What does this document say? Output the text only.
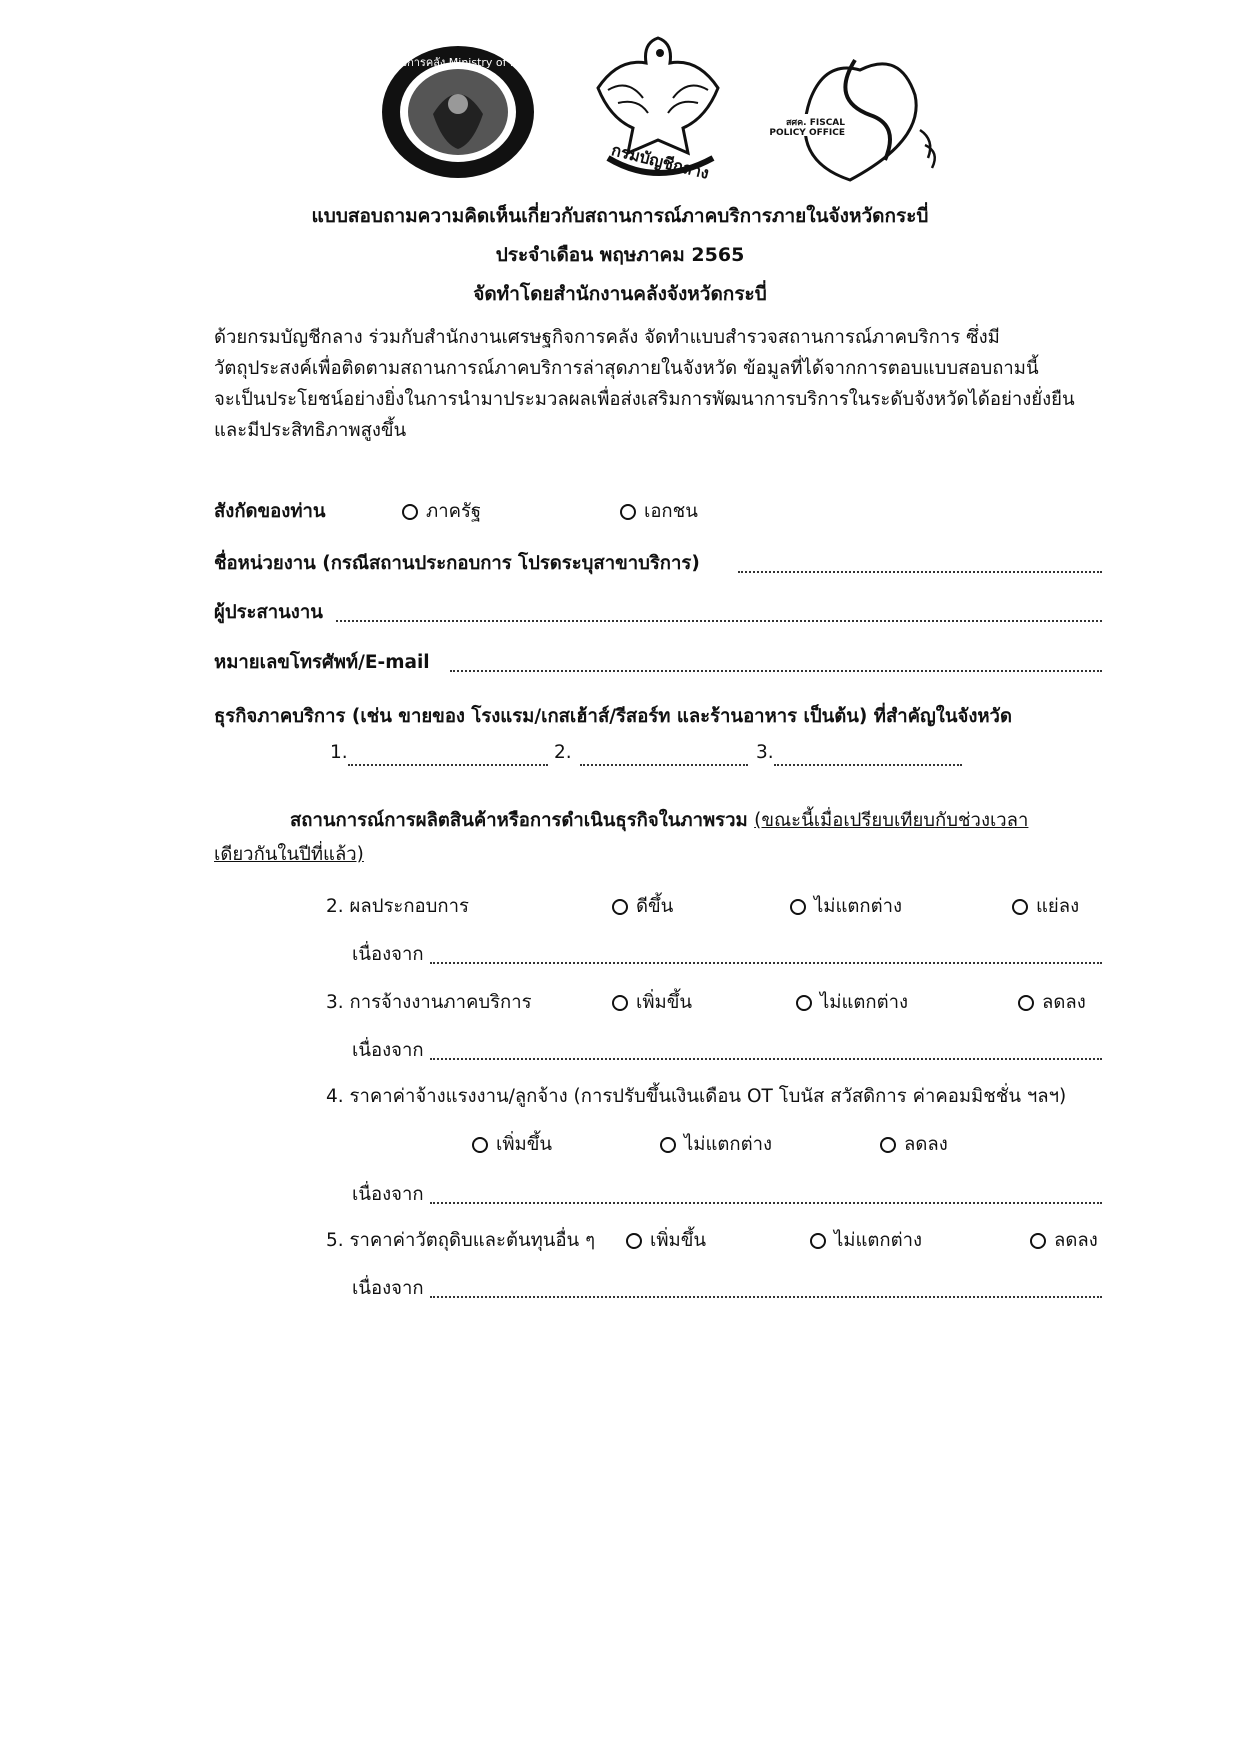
กระทรวงการคลัง Ministry of Finance
สศค. FISCAL POLICY OFFICE
กรมบัญชีกลาง
แบบสอบถามความคิดเห็นเกี่ยวกับสถานการณ์ภาคบริการภายในจังหวัดกระบี่
ประจำเดือน พฤษภาคม 2565
จัดทำโดยสำนักงานคลังจังหวัดกระบี่
ด้วยกรมบัญชีกลาง ร่วมกับสำนักงานเศรษฐกิจการคลัง จัดทำแบบสำรวจสถานการณ์ภาคบริการ ซึ่งมี
วัตถุประสงค์เพื่อติดตามสถานการณ์ภาคบริการล่าสุดภายในจังหวัด ข้อมูลที่ได้จากการตอบแบบสอบถามนี้
จะเป็นประโยชน์อย่างยิ่งในการนำมาประมวลผลเพื่อส่งเสริมการพัฒนาการบริการในระดับจังหวัดได้อย่างยั่งยืน
และมีประสิทธิภาพสูงขึ้น
สังกัดของท่าน	ภาครัฐ	เอกชน
ชื่อหน่วยงาน (กรณีสถานประกอบการ โปรดระบุสาขาบริการ)
ผู้ประสานงาน
หมายเลขโทรศัพท์/E-mail
ธุรกิจภาคบริการ (เช่น ขายของ โรงแรม/เกสเฮ้าส์/รีสอร์ท และร้านอาหาร เป็นต้น) ที่สำคัญในจังหวัด
1.	2.	3.
สถานการณ์การผลิตสินค้าหรือการดำเนินธุรกิจในภาพรวม (ขณะนี้เมื่อเปรียบเทียบกับช่วงเวลา
เดียวกันในปีที่แล้ว)
2. ผลประกอบการ	ดีขึ้น	ไม่แตกต่าง	แย่ลง
เนื่องจาก
3. การจ้างงานภาคบริการ	เพิ่มขึ้น	ไม่แตกต่าง	ลดลง
เนื่องจาก
4. ราคาค่าจ้างแรงงาน/ลูกจ้าง (การปรับขึ้นเงินเดือน OT โบนัส สวัสดิการ ค่าคอมมิชชั่น ฯลฯ)
เพิ่มขึ้น	ไม่แตกต่าง	ลดลง
เนื่องจาก
5. ราคาค่าวัตถุดิบและต้นทุนอื่น ๆ	เพิ่มขึ้น	ไม่แตกต่าง	ลดลง
เนื่องจาก
